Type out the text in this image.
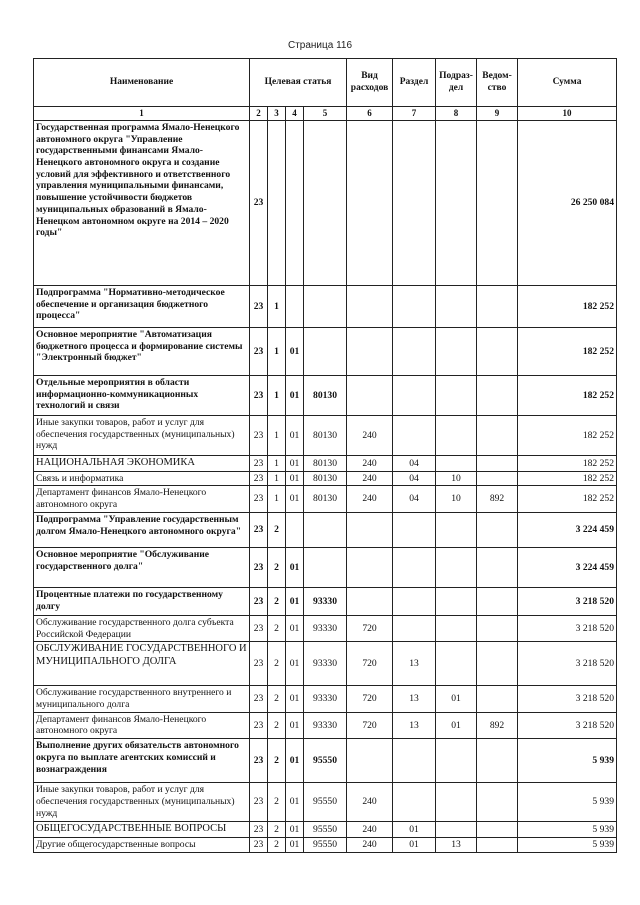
Страница 116
Наименование	Целевая статья				Вид расходов	Раздел	Подраз-дел	Ведом-ство	Сумма
1	2	3	4	5	6	7	8	9	10
Государственная программа Ямало-Ненецкого автономного округа "Управление государственными финансами Ямало-Ненецкого автономного округа и создание условий для эффективного и ответственного управления муниципальными финансами, повышение устойчивости бюджетов муниципальных образований в Ямало-Ненецком автономном округе на 2014 – 2020 годы"	23								26 250 084
Подпрограмма "Нормативно-методическое обеспечение и организация бюджетного процесса"	23	1							182 252
Основное мероприятие "Автоматизация бюджетного процесса и формирование системы "Электронный бюджет"	23	1	01						182 252
Отдельные мероприятия в области информационно-коммуникационных технологий и связи	23	1	01	80130					182 252
Иные закупки товаров, работ и услуг для обеспечения государственных (муниципальных) нужд	23	1	01	80130	240				182 252
НАЦИОНАЛЬНАЯ ЭКОНОМИКА	23	1	01	80130	240	04			182 252
Связь и информатика	23	1	01	80130	240	04	10		182 252
Департамент финансов Ямало-Ненецкого автономного округа	23	1	01	80130	240	04	10	892	182 252
Подпрограмма "Управление государственным долгом Ямало-Ненецкого автономного округа"	23	2							3 224 459
Основное мероприятие "Обслуживание государственного долга"	23	2	01						3 224 459
Процентные платежи по государственному долгу	23	2	01	93330					3 218 520
Обслуживание государственного долга субъекта Российской Федерации	23	2	01	93330	720				3 218 520
ОБСЛУЖИВАНИЕ ГОСУДАРСТВЕННОГО И МУНИЦИПАЛЬНОГО ДОЛГА	23	2	01	93330	720	13			3 218 520
Обслуживание государственного внутреннего и муниципального долга	23	2	01	93330	720	13	01		3 218 520
Департамент финансов Ямало-Ненецкого автономного округа	23	2	01	93330	720	13	01	892	3 218 520
Выполнение других обязательств автономного округа по выплате агентских комиссий и вознаграждения	23	2	01	95550					5 939
Иные закупки товаров, работ и услуг для обеспечения государственных (муниципальных) нужд	23	2	01	95550	240				5 939
ОБЩЕГОСУДАРСТВЕННЫЕ ВОПРОСЫ	23	2	01	95550	240	01			5 939
Другие общегосударственные вопросы	23	2	01	95550	240	01	13		5 939
